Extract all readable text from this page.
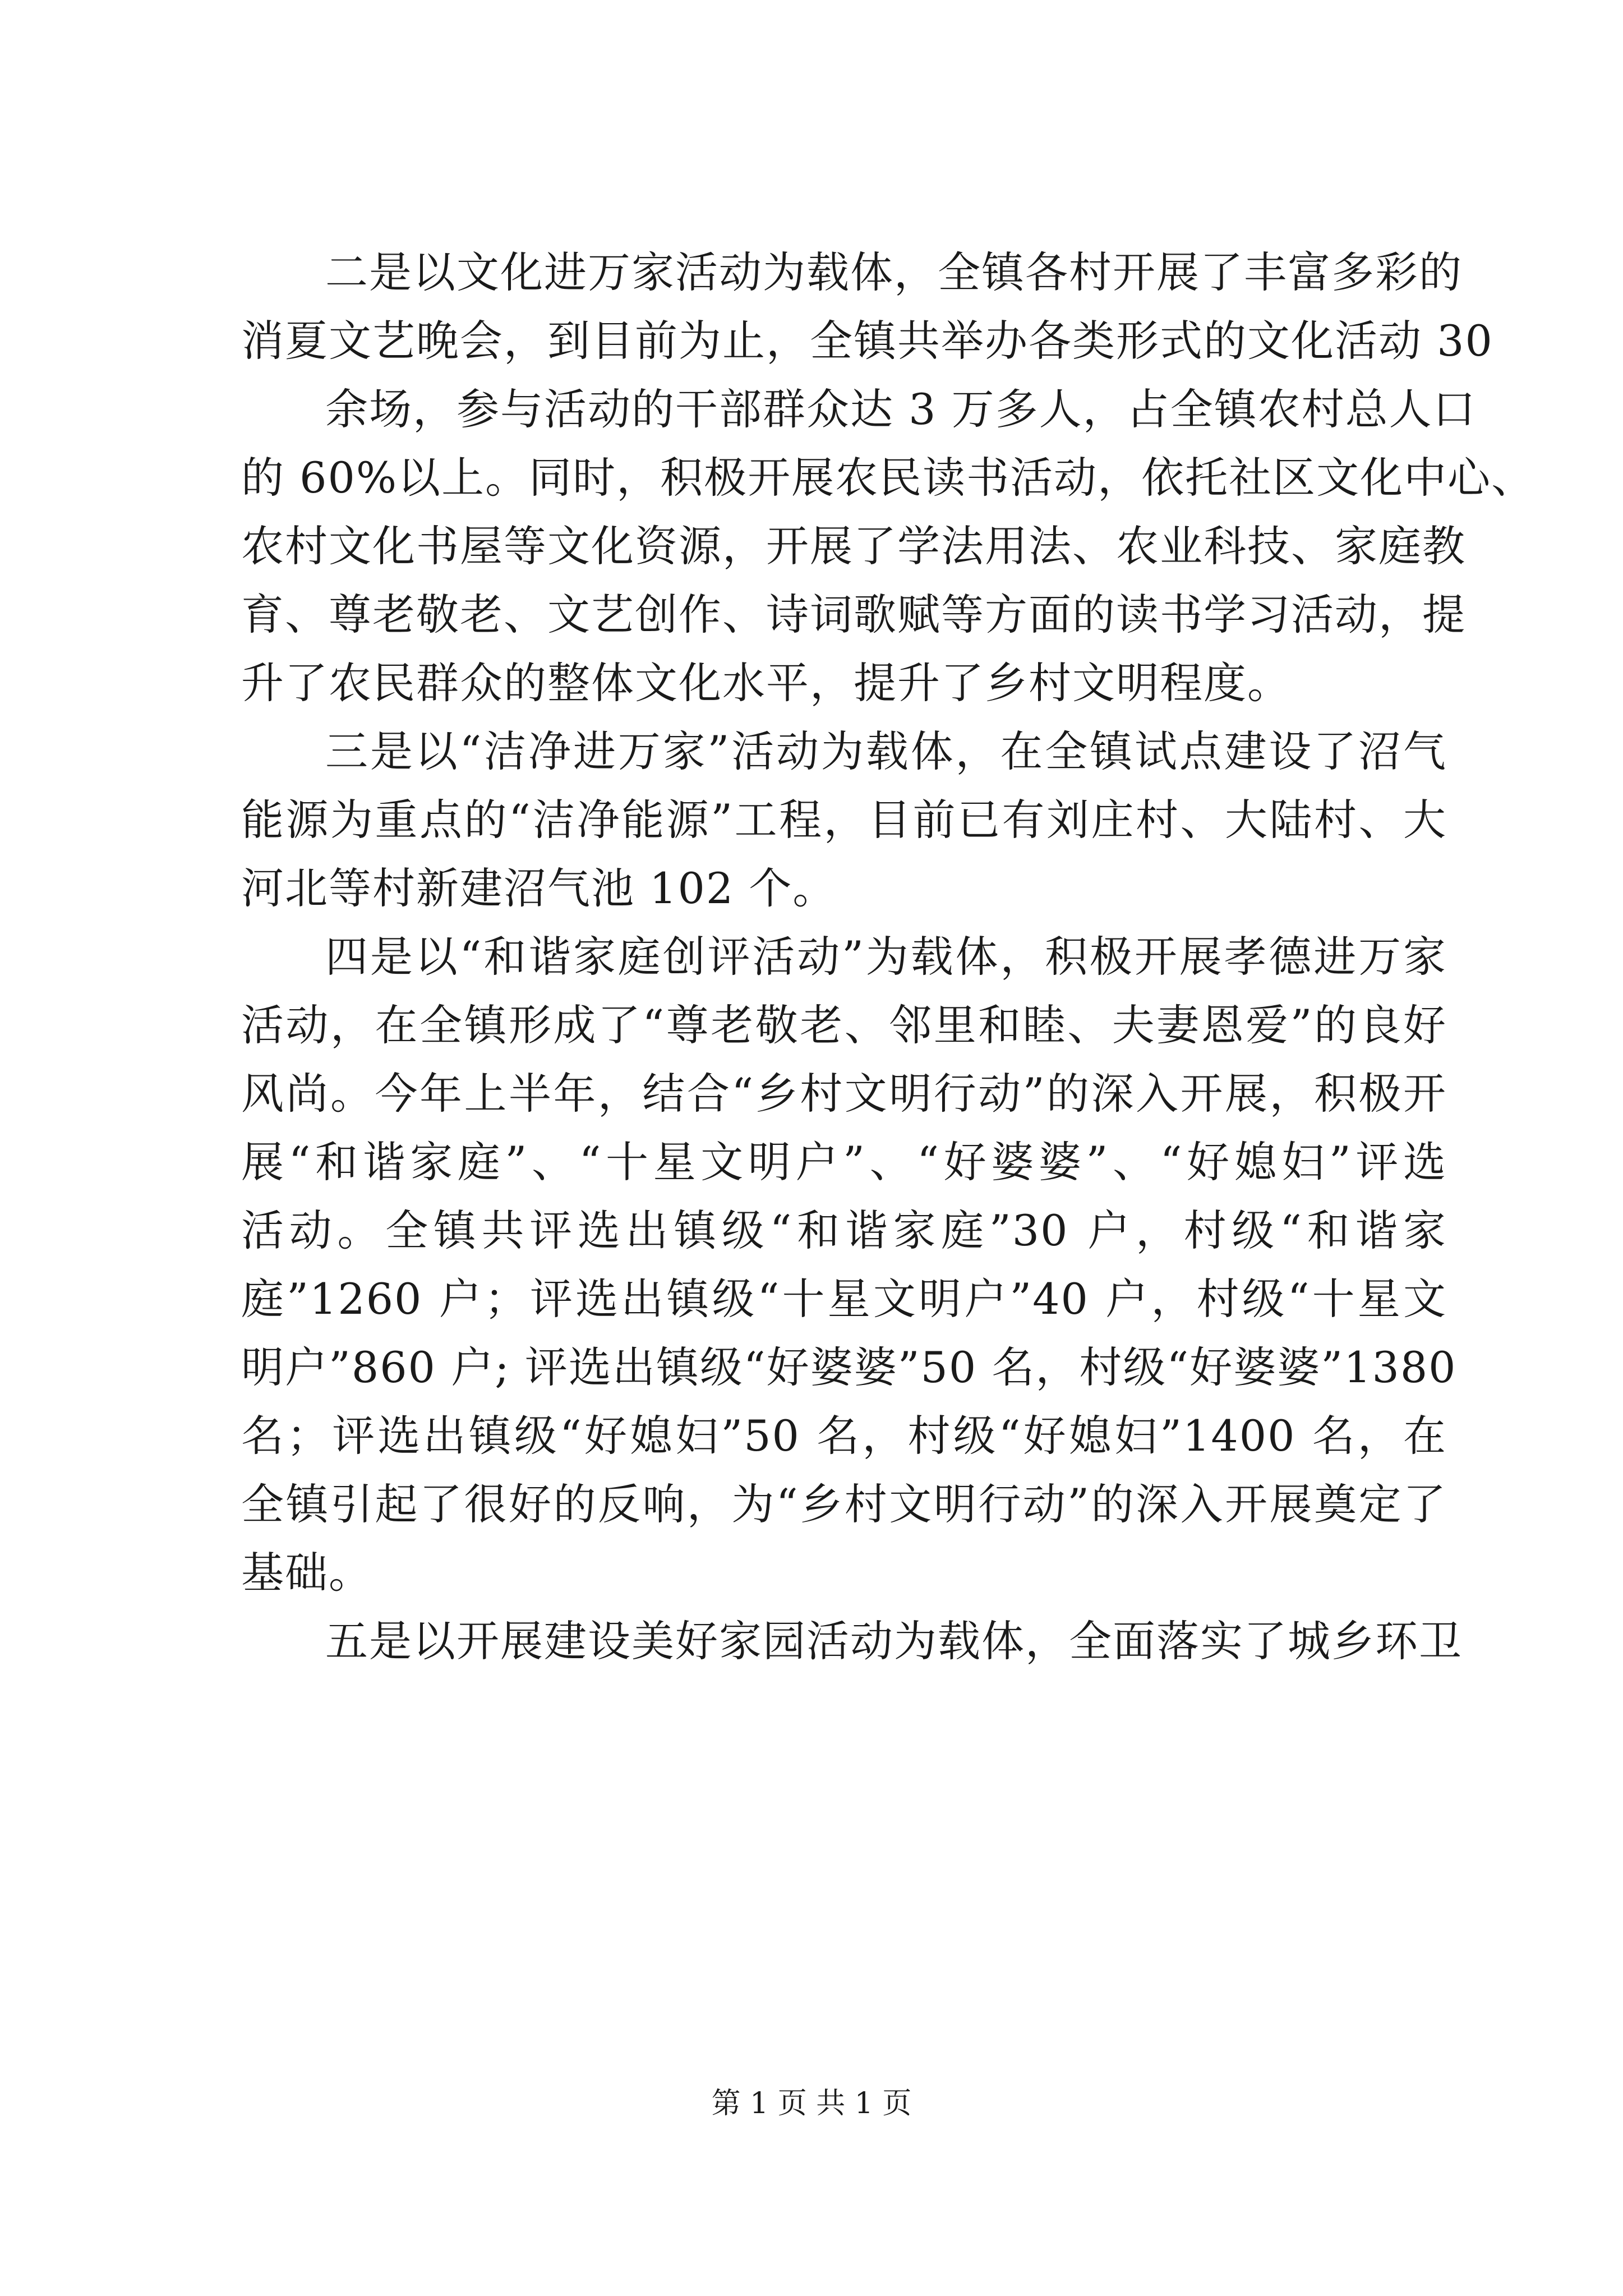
二是以文化进万家活动为载体，全镇各村开展了丰富多彩的
消夏文艺晚会，到目前为止，全镇共举办各类形式的文化活动 30
余场，参与活动的干部群众达 3 万多人，占全镇农村总人口
的 60%以上。同时，积极开展农民读书活动，依托社区文化中心、
农村文化书屋等文化资源，开展了学法用法、农业科技、家庭教
育、尊老敬老、文艺创作、诗词歌赋等方面的读书学习活动，提
升了农民群众的整体文化水平，提升了乡村文明程度。
三是以“洁净进万家”活动为载体，在全镇试点建设了沼气
能源为重点的“洁净能源”工程，目前已有刘庄村、大陆村、大
河北等村新建沼气池 102 个。
四是以“和谐家庭创评活动”为载体，积极开展孝德进万家
活动，在全镇形成了“尊老敬老、邻里和睦、夫妻恩爱”的良好
风尚。今年上半年，结合“乡村文明行动”的深入开展，积极开
展“和谐家庭”、“十星文明户”、“好婆婆”、“好媳妇”评选
活动。全镇共评选出镇级“和谐家庭”30 户，村级“和谐家
庭”1260 户；评选出镇级“十星文明户”40 户，村级“十星文
明户”860 户; 评选出镇级“好婆婆”50 名，村级“好婆婆”1380
名；评选出镇级“好媳妇”50 名，村级“好媳妇”1400 名，在
全镇引起了很好的反响，为“乡村文明行动”的深入开展奠定了
基础。
五是以开展建设美好家园活动为载体，全面落实了城乡环卫
第 1 页 共 1 页
